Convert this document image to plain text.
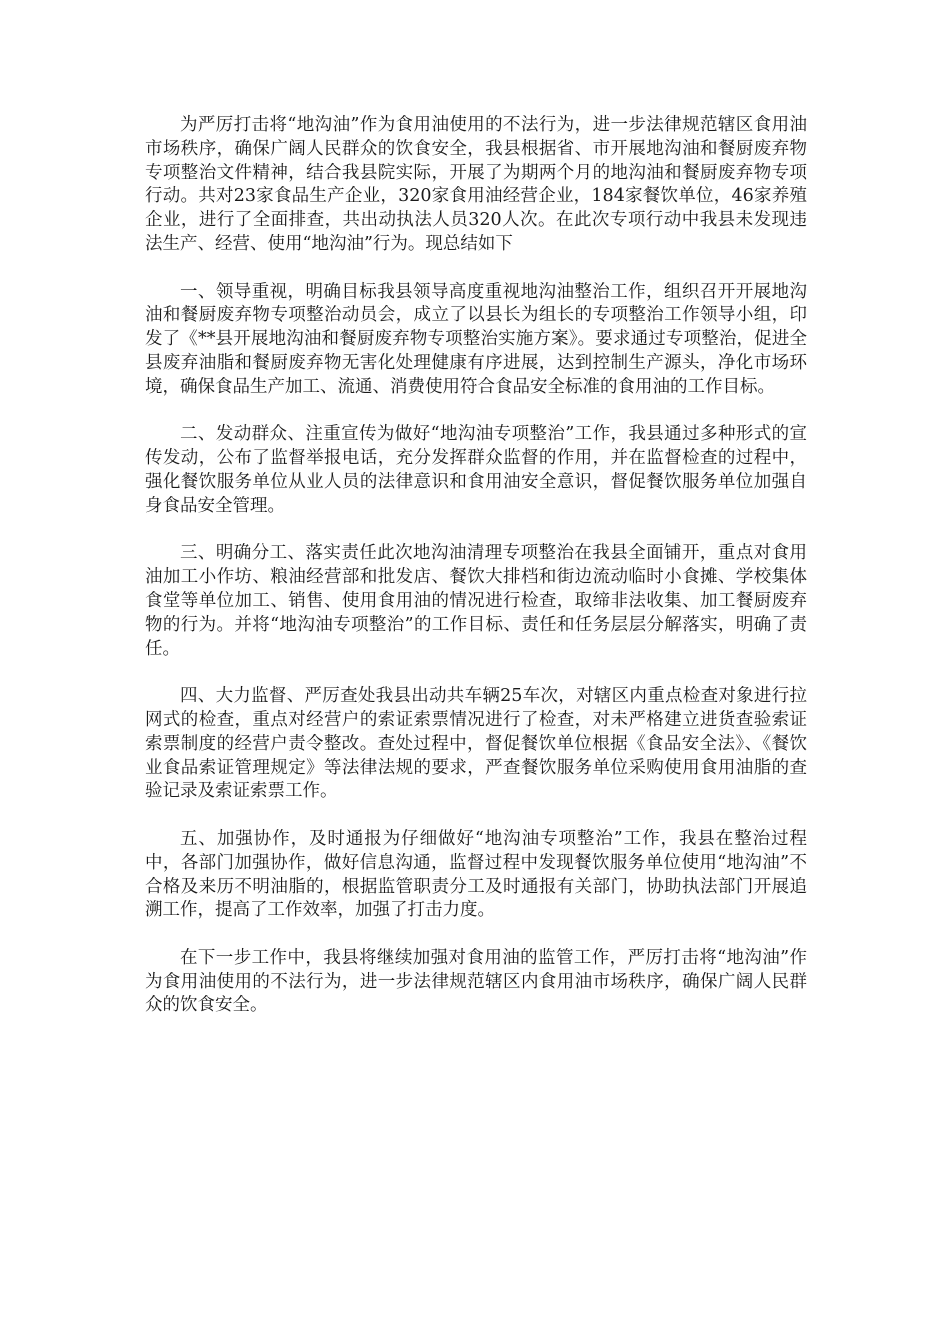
为严厉打击将“地沟油”作为食用油使用的不法行为，进一步法律规范辖区食用油市场秩序，确保广阔人民群众的饮食安全，我县根据省、市开展地沟油和餐厨废弃物专项整治文件精神，结合我县院实际，开展了为期两个月的地沟油和餐厨废弃物专项行动。共对23家食品生产企业，320家食用油经营企业，184家餐饮单位，46家养殖企业，进行了全面排查，共出动执法人员320人次。在此次专项行动中我县未发现违法生产、经营、使用“地沟油”行为。现总结如下

一、领导重视，明确目标我县领导高度重视地沟油整治工作，组织召开开展地沟油和餐厨废弃物专项整治动员会，成立了以县长为组长的专项整治工作领导小组，印发了《**县开展地沟油和餐厨废弃物专项整治实施方案》。要求通过专项整治，促进全县废弃油脂和餐厨废弃物无害化处理健康有序进展，达到控制生产源头，净化市场环境，确保食品生产加工、流通、消费使用符合食品安全标准的食用油的工作目标。

二、发动群众、注重宣传为做好“地沟油专项整治”工作，我县通过多种形式的宣传发动，公布了监督举报电话，充分发挥群众监督的作用，并在监督检查的过程中，强化餐饮服务单位从业人员的法律意识和食用油安全意识，督促餐饮服务单位加强自身食品安全管理。

三、明确分工、落实责任此次地沟油清理专项整治在我县全面铺开，重点对食用油加工小作坊、粮油经营部和批发店、餐饮大排档和街边流动临时小食摊、学校集体食堂等单位加工、销售、使用食用油的情况进行检查，取缔非法收集、加工餐厨废弃物的行为。并将“地沟油专项整治”的工作目标、责任和任务层层分解落实，明确了责任。

四、大力监督、严厉查处我县出动共车辆25车次，对辖区内重点检查对象进行拉网式的检查，重点对经营户的索证索票情况进行了检查，对未严格建立进货查验索证索票制度的经营户责令整改。查处过程中，督促餐饮单位根据《食品安全法》、《餐饮业食品索证管理规定》等法律法规的要求，严查餐饮服务单位采购使用食用油脂的查验记录及索证索票工作。

五、加强协作，及时通报为仔细做好“地沟油专项整治”工作，我县在整治过程中，各部门加强协作，做好信息沟通，监督过程中发现餐饮服务单位使用“地沟油”不合格及来历不明油脂的，根据监管职责分工及时通报有关部门，协助执法部门开展追溯工作，提高了工作效率，加强了打击力度。

在下一步工作中，我县将继续加强对食用油的监管工作，严厉打击将“地沟油”作为食用油使用的不法行为，进一步法律规范辖区内食用油市场秩序，确保广阔人民群众的饮食安全。
